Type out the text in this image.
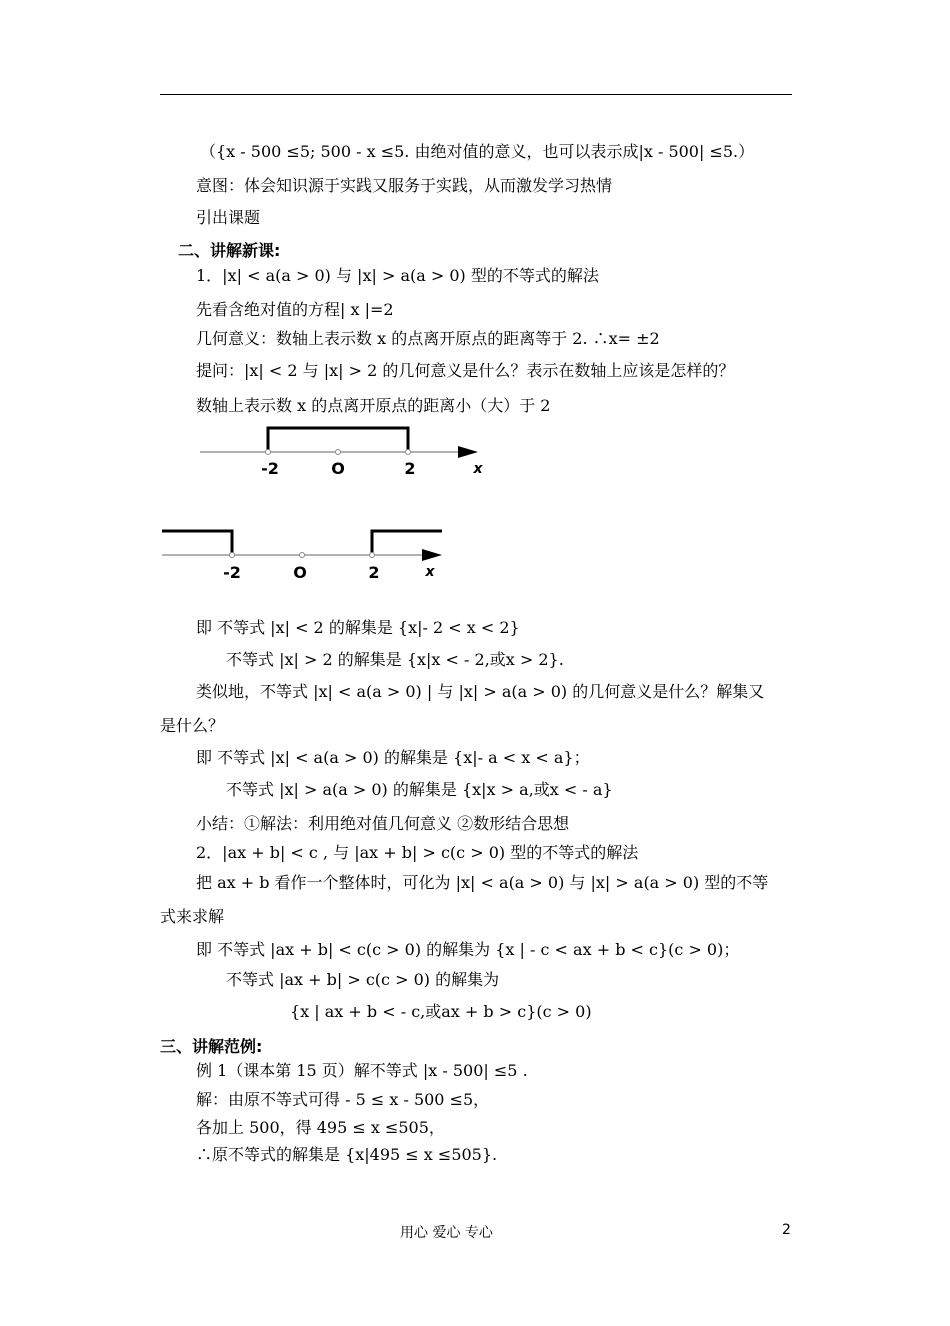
（{x - 500 ≤5; 500 - x ≤5. 由绝对值的意义，也可以表示成|x - 500| ≤5.）
意图：体会知识源于实践又服务于实践，从而激发学习热情
引出课题
二、讲解新课:
1．|x| < a(a > 0) 与 |x| > a(a > 0) 型的不等式的解法
先看含绝对值的方程| x |=2
几何意义：数轴上表示数 x 的点离开原点的距离等于 2. ∴x= ±2
提问：|x| < 2 与 |x| > 2 的几何意义是什么？表示在数轴上应该是怎样的？
数轴上表示数 x 的点离开原点的距离小（大）于 2
-2	O	2	x
-2	O	2	x
即 不等式 |x| < 2 的解集是 {x|- 2 < x < 2}
不等式 |x| > 2 的解集是 {x|x < - 2,或x > 2}.
类似地，不等式 |x| < a(a > 0) | 与 |x| > a(a > 0) 的几何意义是什么？解集又
是什么？
即 不等式 |x| < a(a > 0) 的解集是 {x|- a < x < a}；
不等式 |x| > a(a > 0) 的解集是 {x|x > a,或x < - a}
小结：①解法：利用绝对值几何意义 ②数形结合思想
2．|ax + b| < c , 与 |ax + b| > c(c > 0) 型的不等式的解法
把 ax + b 看作一个整体时，可化为 |x| < a(a > 0) 与 |x| > a(a > 0) 型的不等
式来求解
即 不等式 |ax + b| < c(c > 0) 的解集为 {x | - c < ax + b < c}(c > 0)；
不等式 |ax + b| > c(c > 0) 的解集为
{x | ax + b < - c,或ax + b > c}(c > 0)
三、讲解范例:
例 1（课本第 15 页）解不等式 |x - 500| ≤5 .
解：由原不等式可得 - 5 ≤ x - 500 ≤5，
各加上 500，得 495 ≤ x ≤505，
∴原不等式的解集是 {x|495 ≤ x ≤505}.
用心 爱心 专心	2
